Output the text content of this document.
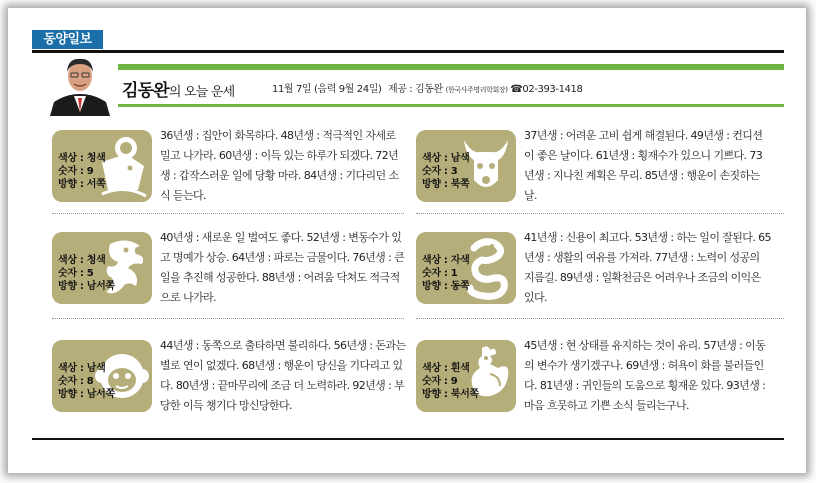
동양일보
김동완의 오늘 운세	11월 7일 (음력 9월 24일) 제공 : 김동완 (한국사주명리학회장) ☎02-393-1418
색상 : 청색
숫자 : 9
방향 : 서쪽
36년생 : 집안이 화목하다. 48년생 : 적극적인 자세로 밀고 나가라. 60년생 : 이득 있는 하루가 되겠다. 72년생 : 갑작스러운 일에 당황 마라. 84년생 : 기다리던 소식 듣는다.
색상 : 남색
숫자 : 3
방향 : 북쪽
37년생 : 어려운 고비 쉽게 해결된다. 49년생 : 컨디션이 좋은 날이다. 61년생 : 횡재수가 있으니 기쁘다. 73년생 : 지나친 계획은 무리. 85년생 : 행운이 손짓하는 날.
색상 : 청색
숫자 : 5
방향 : 남서쪽
40년생 : 새로운 일 벌여도 좋다. 52년생 : 변동수가 있고 명예가 상승. 64년생 : 파로는 금물이다. 76년생 : 큰 일을 추진해 성공한다. 88년생 : 어려움 닥쳐도 적극적으로 나가라.
색상 : 자색
숫자 : 1
방향 : 동쪽
41년생 : 신용이 최고다. 53년생 : 하는 일이 잘된다. 65년생 : 생활의 여유를 가져라. 77년생 : 노력이 성공의 지름길. 89년생 : 일확천금은 어려우나 조금의 이익은 있다.
색상 : 남색
숫자 : 8
방향 : 남서쪽
44년생 : 동쪽으로 출타하면 불리하다. 56년생 : 돈과는 별로 연이 없겠다. 68년생 : 행운이 당신을 기다리고 있다. 80년생 : 끝마무리에 조금 더 노력하라. 92년생 : 부당한 이득 챙기다 망신당한다.
색상 : 흰색
숫자 : 9
방향 : 북서쪽
45년생 : 현 상태를 유지하는 것이 유리. 57년생 : 이동의 변수가 생기겠구나. 69년생 : 허욕이 화를 불러들인다. 81년생 : 귀인들의 도움으로 횡재운 있다. 93년생 : 마음 흐뭇하고 기쁜 소식 들리는구나.
